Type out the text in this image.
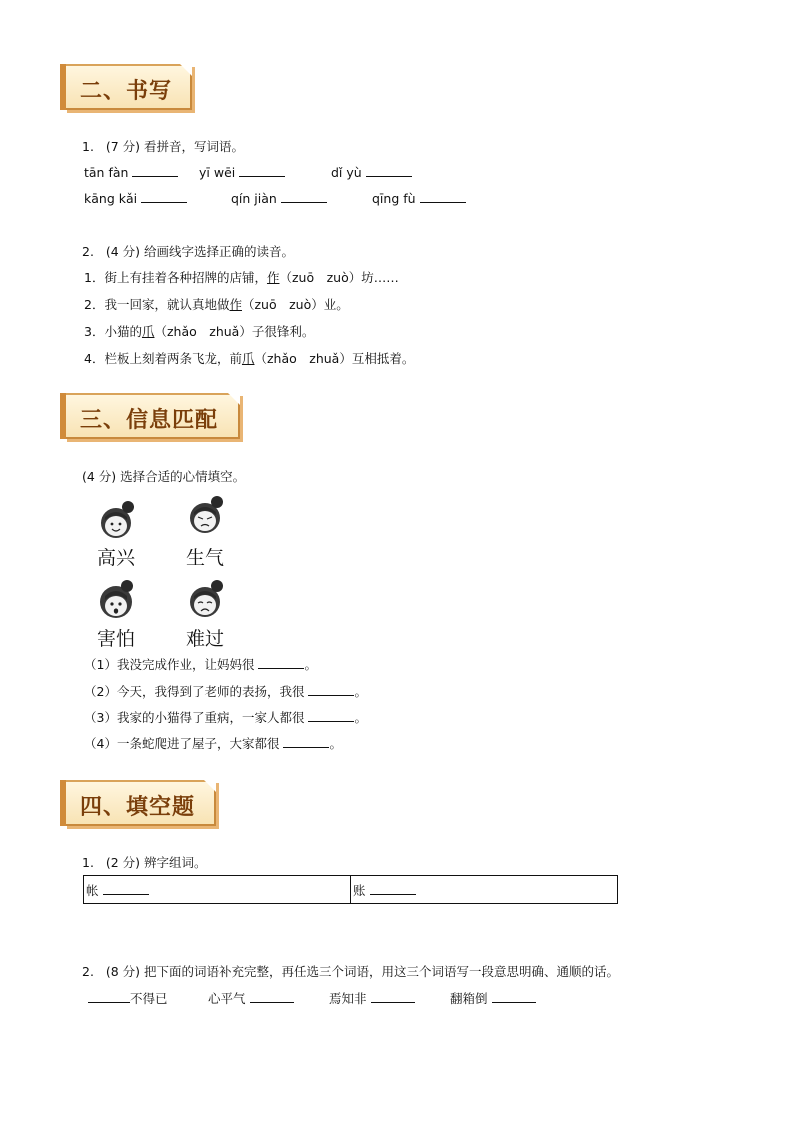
二、书写
1. (7 分) 看拼音，写词语。
tān fàn	yī wēi	dǐ yù
kāng kǎi	qín jiàn	qīng fù
2. (4 分) 给画线字选择正确的读音。
1．街上有挂着各种招牌的店铺，作（zuō　zuò）坊……
2．我一回家，就认真地做作（zuō　zuò）业。
3．小猫的爪（zhǎo　zhuǎ）子很锋利。
4．栏板上刻着两条飞龙，前爪（zhǎo　zhuǎ）互相抵着。
三、信息匹配
(4 分) 选择合适的心情填空。
高兴	生气
害怕	难过
（1）我没完成作业，让妈妈很	。
（2）今天，我得到了老师的表扬，我很	。
（3）我家的小猫得了重病，一家人都很	。
（4）一条蛇爬进了屋子，大家都很	。
四、填空题
1. (2 分) 辨字组词。
帐	账
2. (8 分) 把下面的词语补充完整，再任选三个词语，用这三个词语写一段意思明确、通顺的话。
不得已	心平气	焉知非	翻箱倒
